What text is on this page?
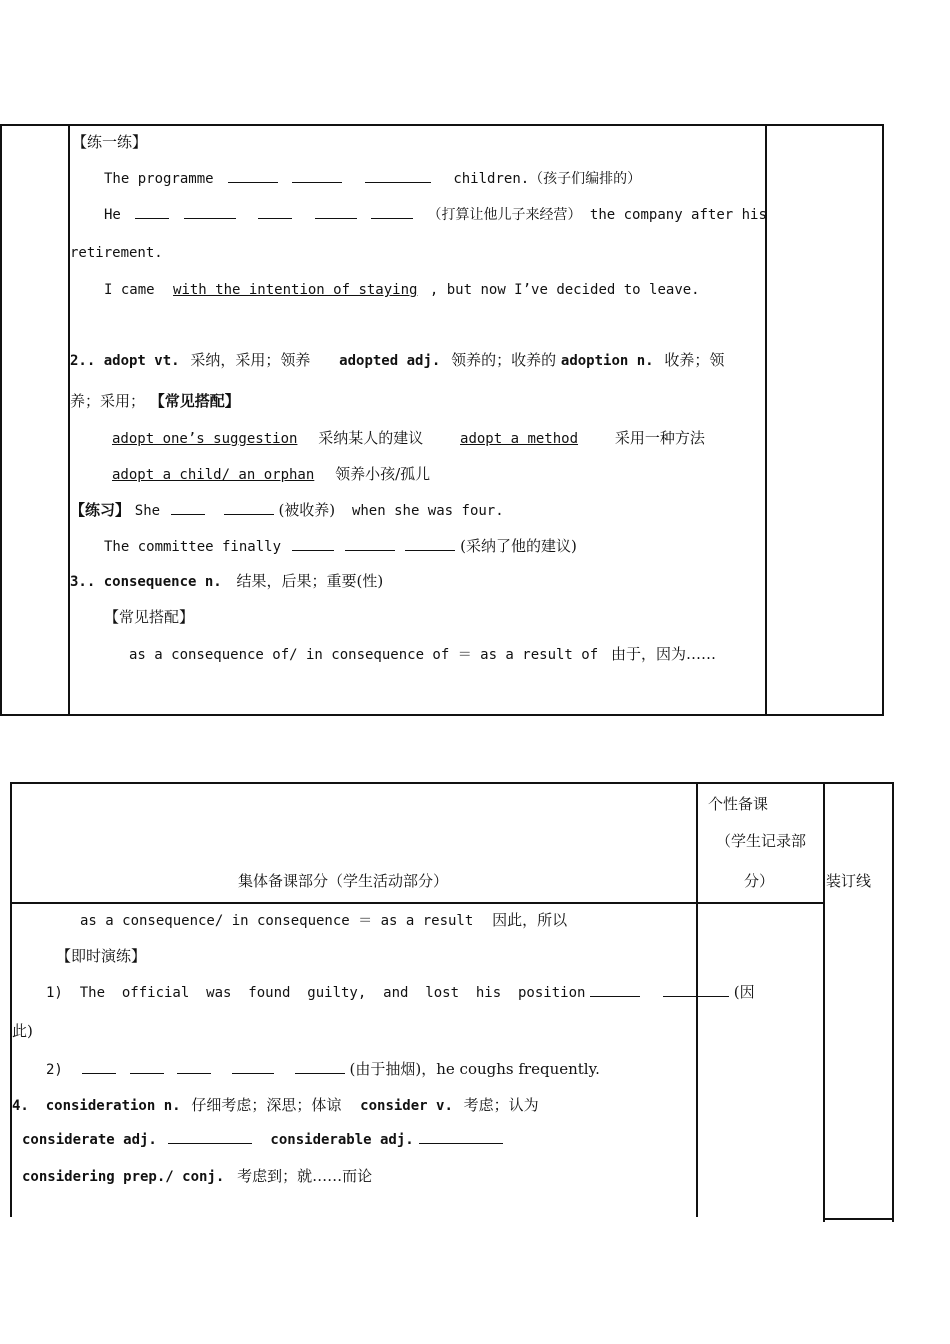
【练一练】
The programme	children.（孩子们编排的）
He	（打算让他儿子来经营） the company after his
retirement.
I came with the intention of staying , but now I’ve decided to leave.
2.. adopt vt. 采纳，采用；领养 adopted adj. 领养的；收养的 adoption n. 收养；领
养；采用； 【常见搭配】
adopt one’s suggestion 采纳某人的建议	adopt a method 采用一种方法
adopt a child/ an orphan 领养小孩/孤儿
【练习】 She	(被收养) when she was four.
The committee finally	(采纳了他的建议)
3.. consequence n. 结果，后果；重要(性)
【常见搭配】
as a consequence of/ in consequence of ＝ as a result of 由于，因为……
集体备课部分（学生活动部分）
个性备课
（学生记录部
分）	装订线
as a consequence/ in consequence ＝ as a result 因此，所以
【即时演练】
1)  The  official  was  found  guilty,  and  lost  his  position	(因
此)
2)	(由于抽烟)，he coughs frequently.
4.  consideration n. 仔细考虑；深思；体谅 consider v. 考虑；认为
considerate adj.	considerable adj.
considering prep./ conj. 考虑到；就……而论
